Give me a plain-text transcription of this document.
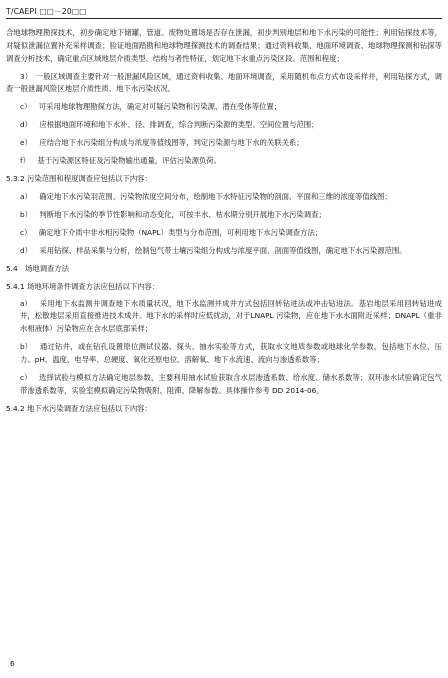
T/CAEPI □□－20□□

合地球物理勘探技术，初步确定地下储罐、管道、废物处置场是否存在泄漏，初步判别地层和地下水污染的可能性；利用钻探技术等，对疑似泄漏位置补充采样调查；验证地面踏勘和地球物理探测技术的调查结果；通过资料收集、地面环境调查、地球物理探测和钻探等调查分析技术，确定重点区域地层介质类型、结构与者性特征，划定地下水重点污染区段、范围和程度；

3）　一般区域调查主要针对一般泄漏风险区域，通过资料收集、地面环境调查，采用随机布点方式布设采样井，利用钻探方式，调查一般泄漏风险区地层介质性质、地下水污染状况。

c）　 可采用地球物理勘探方法，确定对可疑污染物和污染源、潜在受体等位置；

d）　 应根据地面环境和地下水补、径、排调查，综合判断污染源的类型、空间位置与范围；

e）　 应结合地下水污染组分构成与浓度等值线图等，判定污染源与地下水的关联关系；

f）　 基于污染源区特征及污染物输出通量，评估污染源负荷。

5.3.2 污染范围和程度调查应包括以下内容：

a）　 确定地下水污染羽范围、污染物浓度空间分布，绘制地下水特征污染物的剖面、平面和三维的浓度等值线图；

b）　 判断地下水污染的季节性影响和动态变化，可按丰水、枯水期分别开展地下水污染调查；

c）　 确定地下介质中非水相污染物（NAPL）类型与分布范围，可利用地下水污染调查方法；

d）　 采用钻探、样品采集与分析，绘制包气带土壤污染组分构成与浓度平面、剖面等值线图，确定地下水污染源范围。

5.4　场地调查方法

5.4.1 场地环境条件调查方法应包括以下内容：

a）　 采用地下水监测井调查地下水质量状况，地下水监测井成井方式包括回转钻进法或冲击钻进法。基岩地层采用回转钻进成井，松散地层采用直接推进技术成井。地下水的采样时应低扰动，对于LNAPL 污染物，应在地下水水面附近采样；DNAPL（重非水相液体）污染物应在含水层底部采样；

b）　 通过钻井，或在钻孔设置原位测试仪器、探头、抽水实验等方式，获取水文地质参数或地球化学参数，包括地下水位、压力、pH、温度、电导率、总硬度、氧化还原电位、溶解氧、地下水流速、流向与渗透系数等；

c）　 选择试验与模拟方法确定地层参数，主要利用抽水试验获取含水层渗透系数、给水度、储水系数等；双环渗水试验确定包气带渗透系数等，实验室模拟确定污染物吸附、阻滞、降解参数。具体操作参考 DD 2014-06。

5.4.2 地下水污染调查方法应包括以下内容：

6
